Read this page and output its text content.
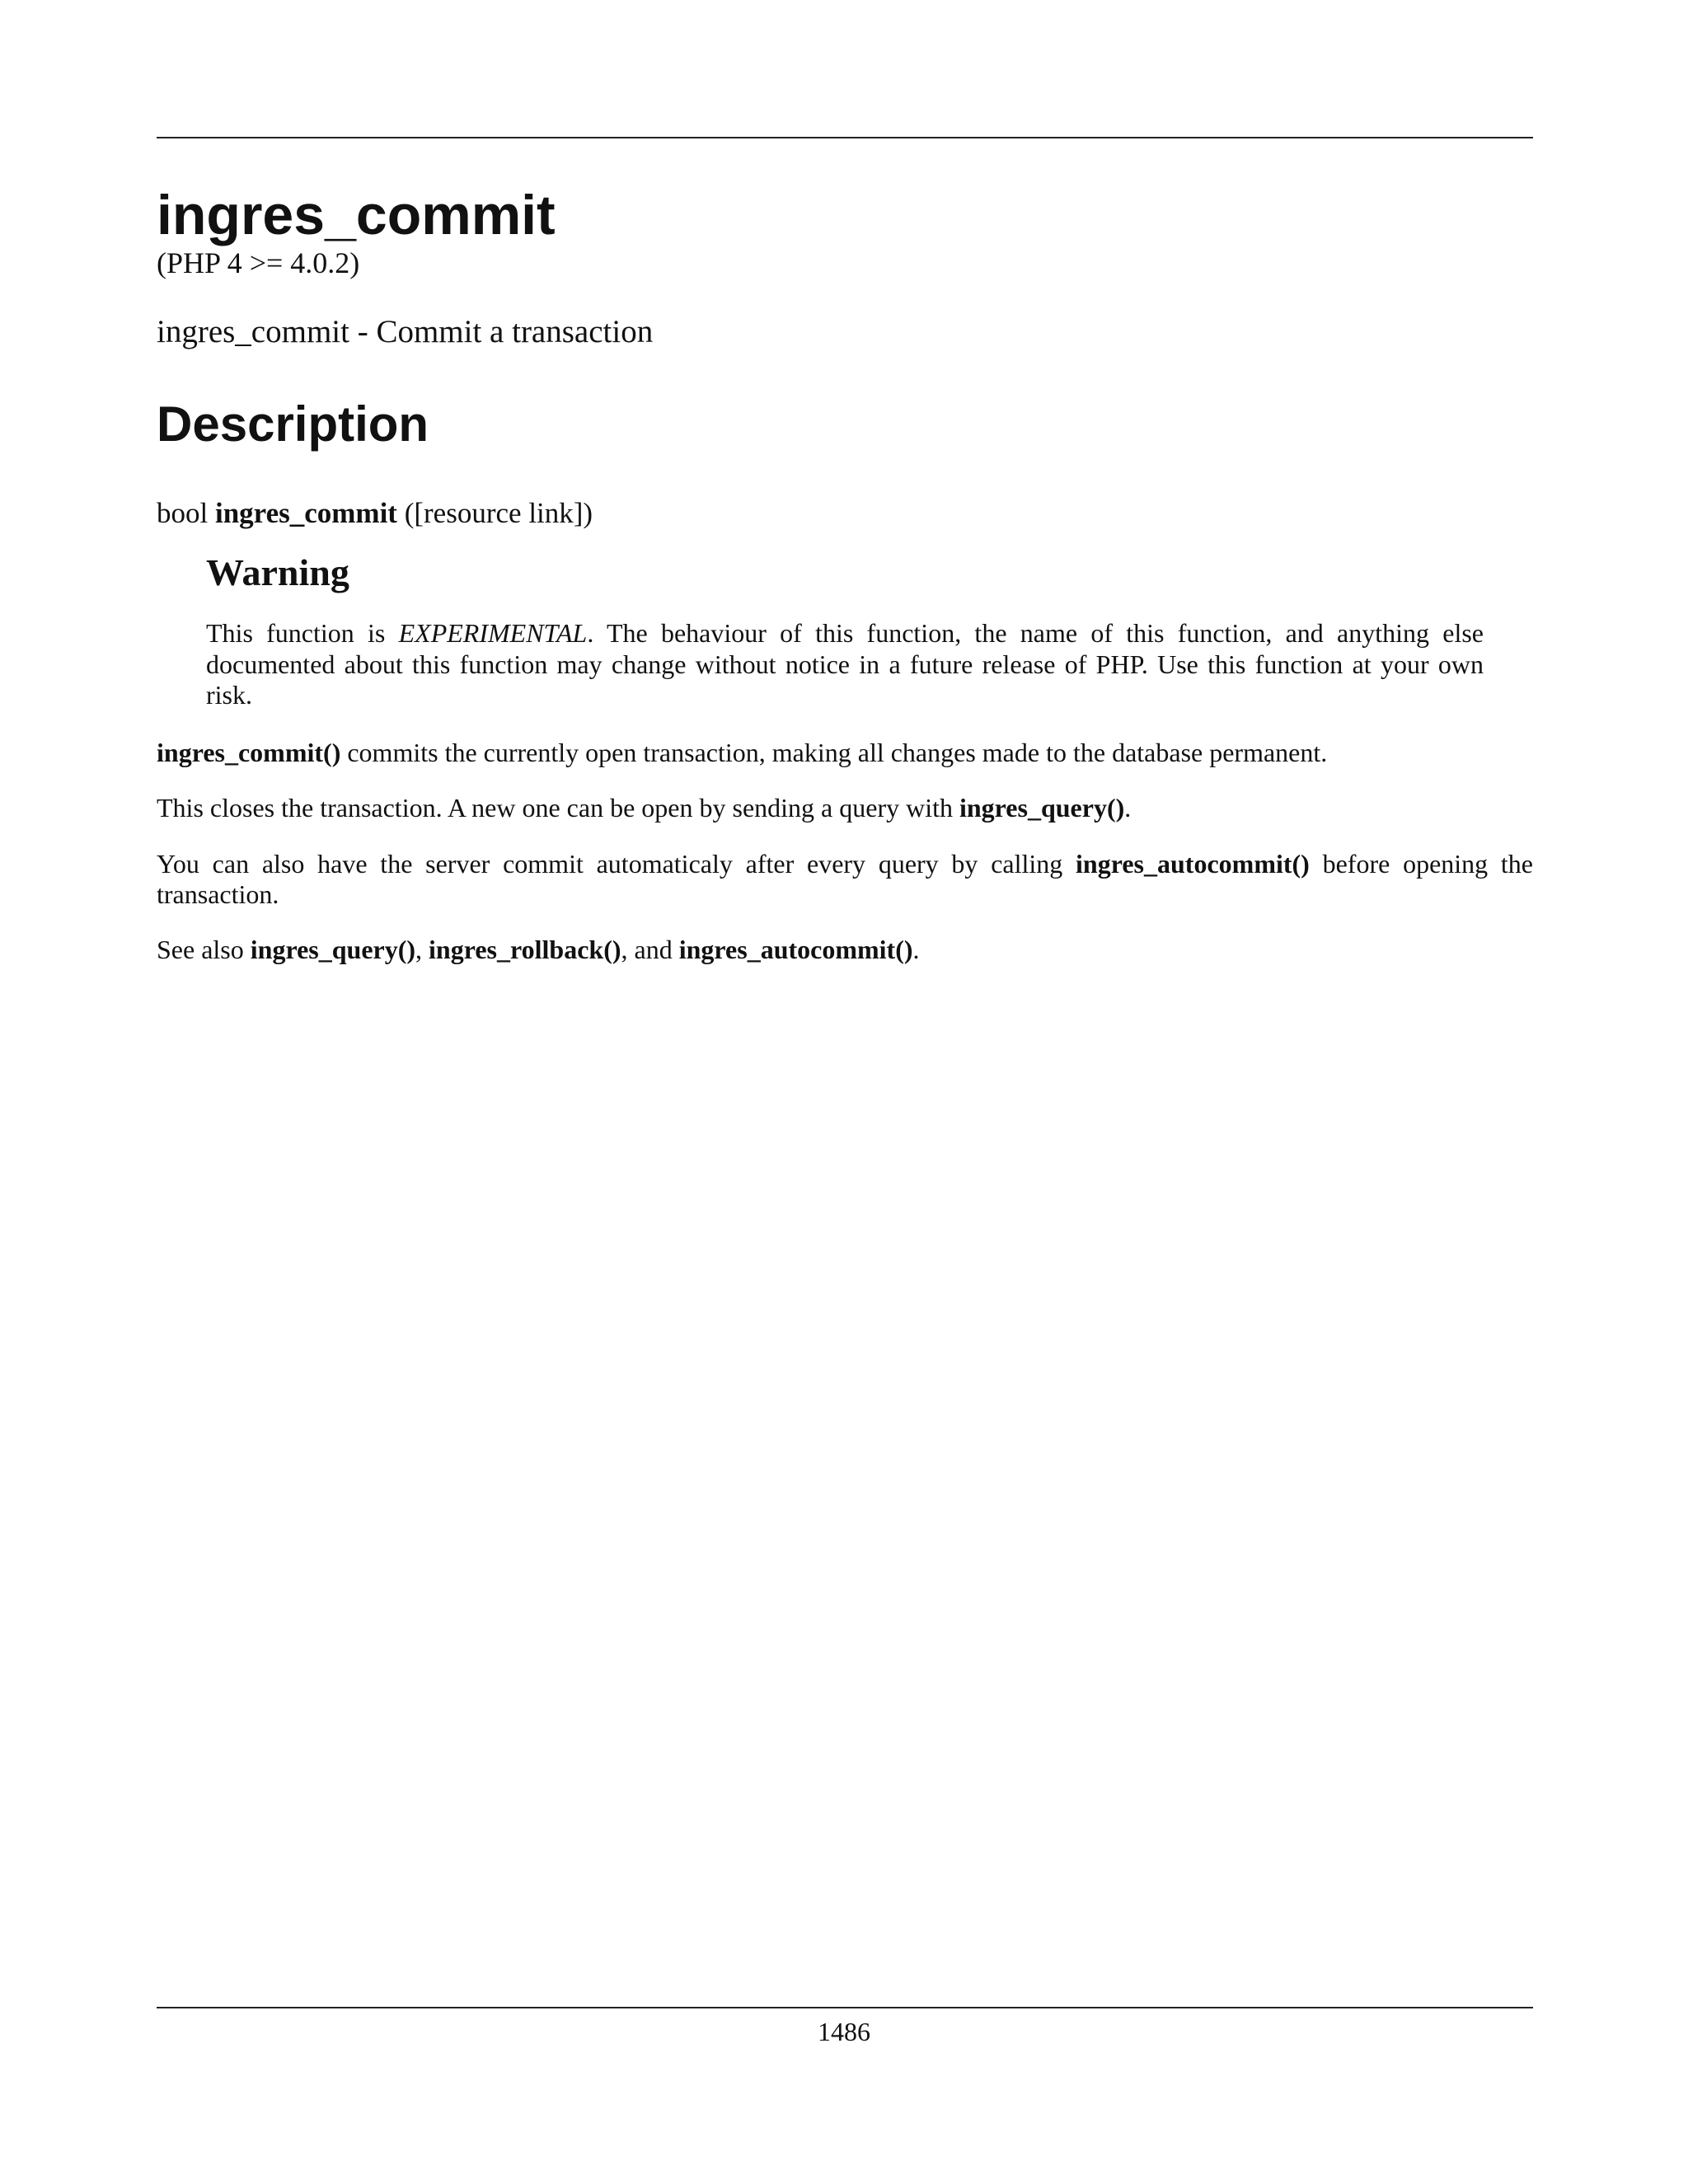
ingres_commit

(PHP 4 >= 4.0.2)

ingres_commit - Commit a transaction

Description

bool ingres_commit ([resource link])

Warning

This function is EXPERIMENTAL. The behaviour of this function, the name of this function, and anything else documented about this function may change without notice in a future release of PHP. Use this function at your own risk.

ingres_commit() commits the currently open transaction, making all changes made to the database permanent.

This closes the transaction. A new one can be open by sending a query with ingres_query().

You can also have the server commit automaticaly after every query by calling ingres_autocommit() before opening the transaction.

See also ingres_query(), ingres_rollback(), and ingres_autocommit().

1486
